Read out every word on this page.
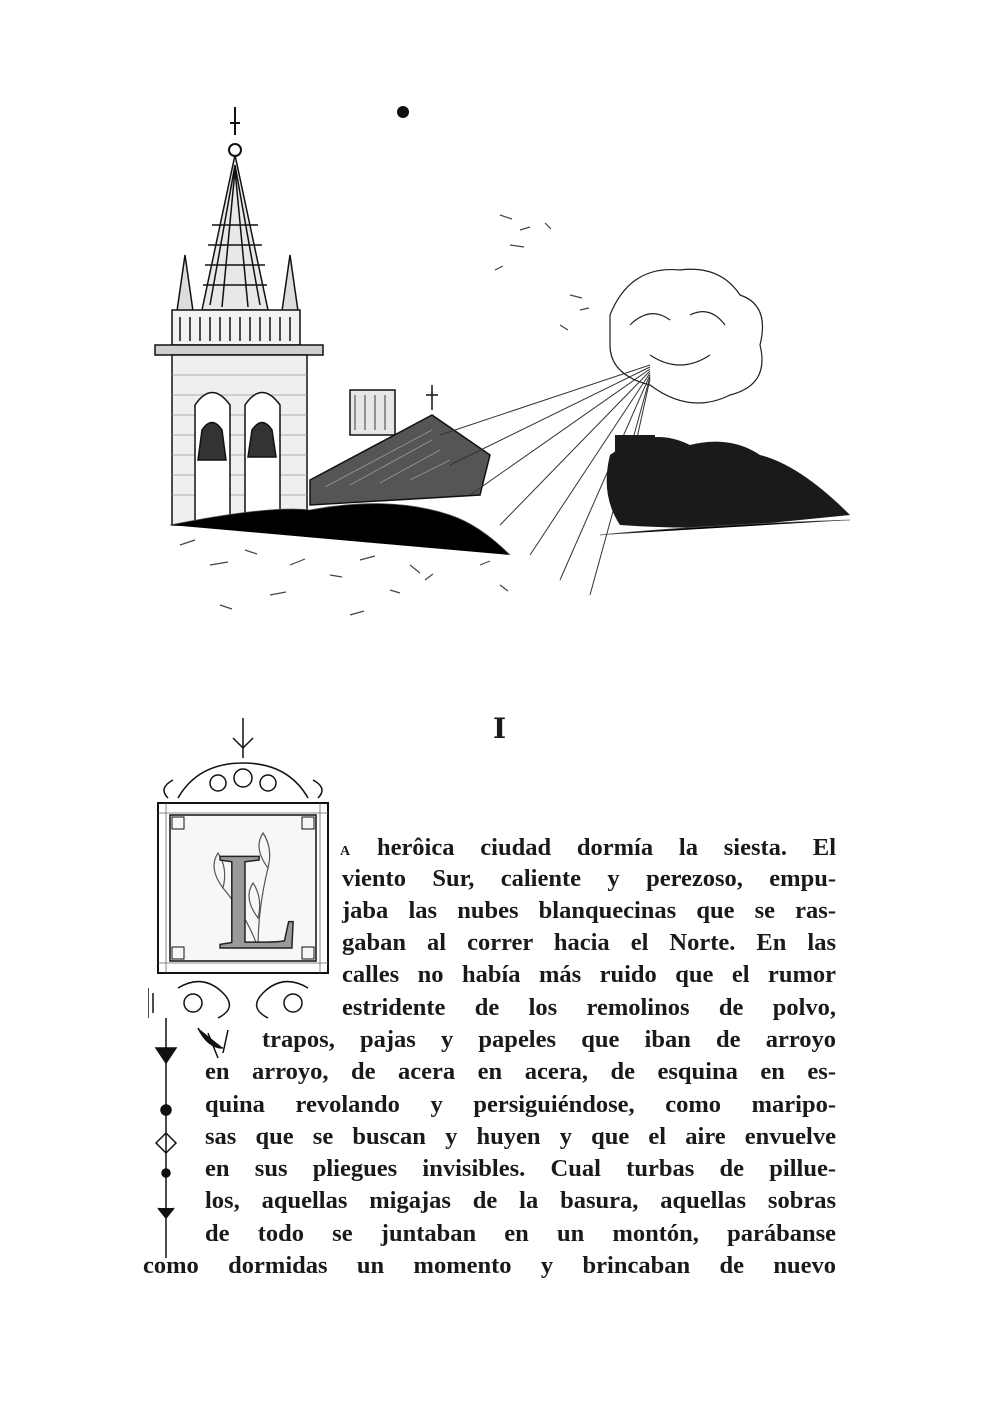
I
L	A herôica ciudad dormía la siesta. El
viento Sur, caliente y perezoso, empu-
jaba las nubes blanquecinas que se ras-
gaban al correr hacia el Norte. En las
calles no había más ruido que el rumor
estridente de los remolinos de polvo,
trapos, pajas y papeles que iban de arroyo
en arroyo, de acera en acera, de esquina en es-
quina revolando y persiguiéndose, como maripo-
sas que se buscan y huyen y que el aire envuelve
en sus pliegues invisibles. Cual turbas de pillue-
los, aquellas migajas de la basura, aquellas sobras
de todo se juntaban en un montón, parábanse
como dormidas un momento y brincaban de nuevo
